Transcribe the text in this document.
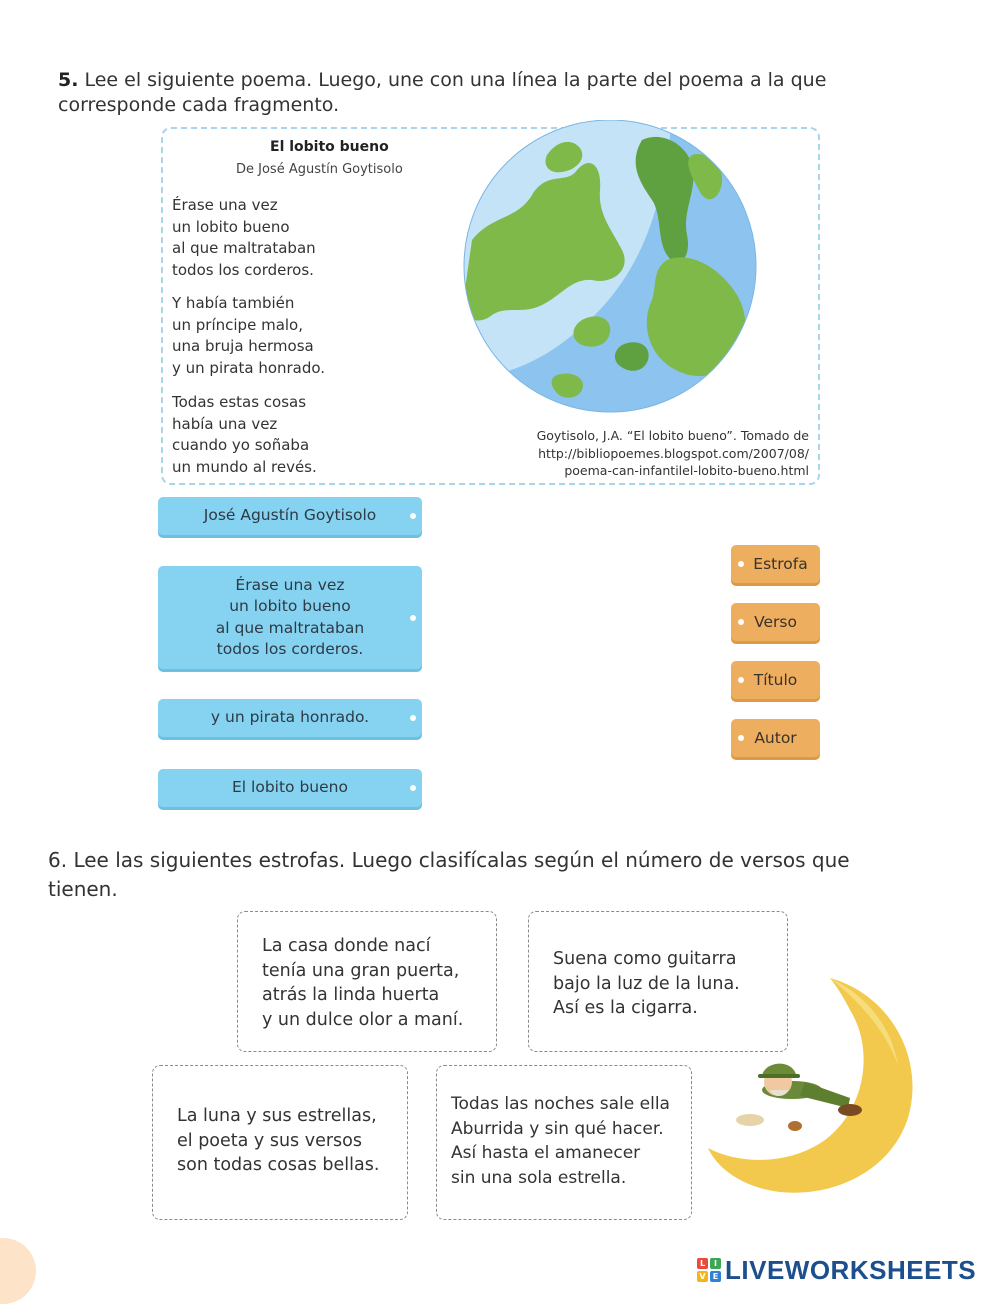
5. Lee el siguiente poema. Luego, une con una línea la parte del poema a la que corresponde cada fragmento.
El lobito bueno
De José Agustín Goytisolo
Érase una vez
un lobito bueno
al que maltrataban
todos los corderos.
Y había también
un príncipe malo,
una bruja hermosa
y un pirata honrado.
Todas estas cosas
había una vez
cuando yo soñaba
un mundo al revés.
Goytisolo, J.A. “El lobito bueno”. Tomado de
http://bibliopoemes.blogspot.com/2007/08/
poema-can-infantilel-lobito-bueno.html
José Agustín Goytisolo
Érase una vez
un lobito bueno
al que maltrataban
todos los corderos.
y un pirata honrado.
El lobito bueno
Estrofa
Verso
Título
Autor
6. Lee las siguientes estrofas. Luego clasifícalas según el número de versos que tienen.
La casa donde nací
tenía una gran puerta,
atrás la linda huerta
y un dulce olor a maní.
Suena como guitarra
bajo la luz de la luna.
Así es la cigarra.
La luna y sus estrellas,
el poeta y sus versos
son todas cosas bellas.
Todas las noches sale ella
Aburrida y sin qué hacer.
Así hasta el amanecer
sin una sola estrella.
L	I
V E LIVEWORKSHEETS
